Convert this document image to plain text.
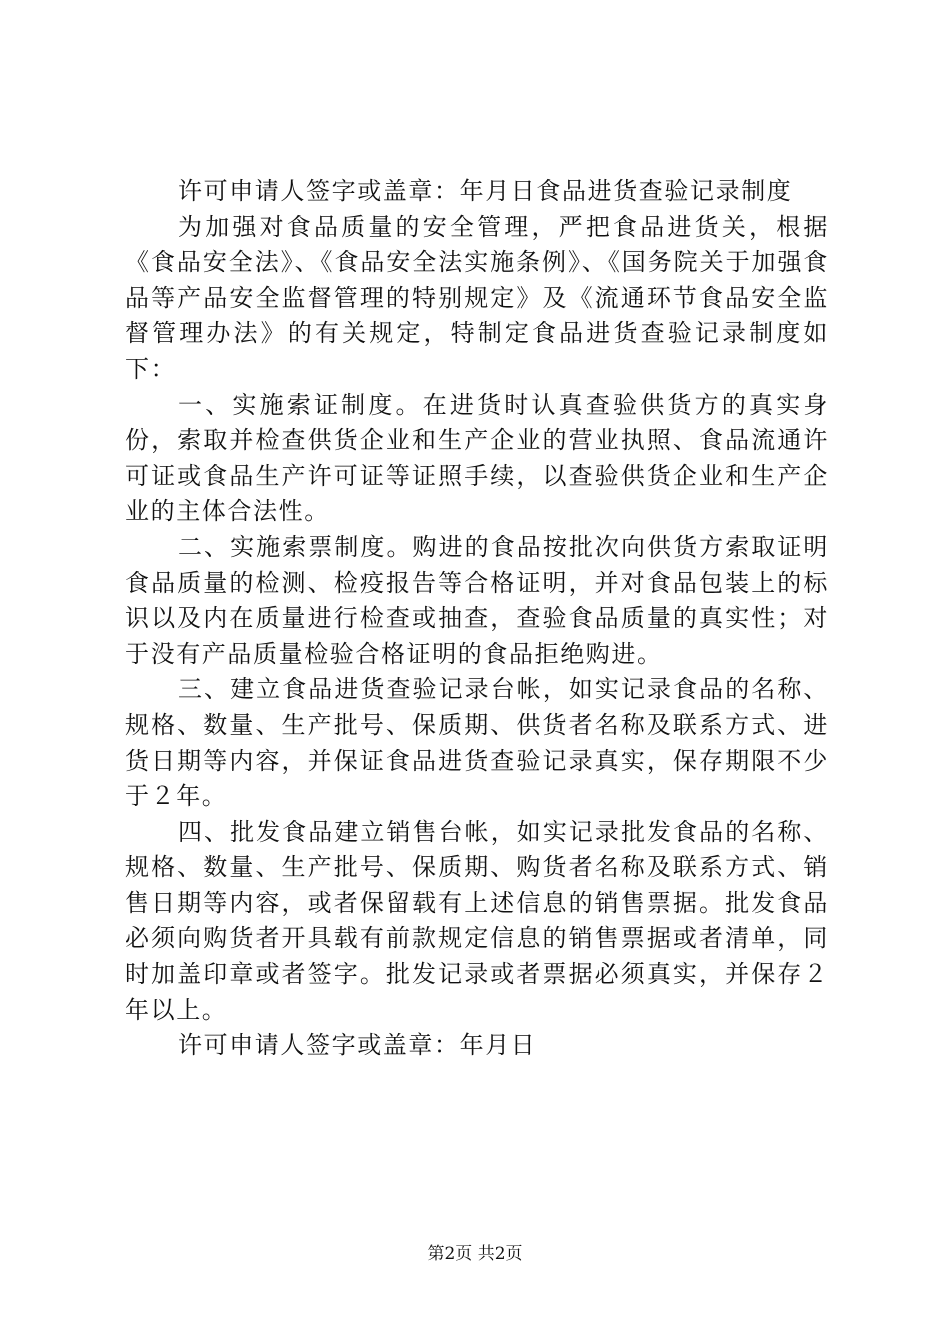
许可申请人签字或盖章：年月日食品进货查验记录制度

为加强对食品质量的安全管理，严把食品进货关，根据《食品安全法》、《食品安全法实施条例》、《国务院关于加强食品等产品安全监督管理的特别规定》及《流通环节食品安全监督管理办法》的有关规定，特制定食品进货查验记录制度如下：

一、实施索证制度。在进货时认真查验供货方的真实身份，索取并检查供货企业和生产企业的营业执照、食品流通许可证或食品生产许可证等证照手续，以查验供货企业和生产企业的主体合法性。

二、实施索票制度。购进的食品按批次向供货方索取证明食品质量的检测、检疫报告等合格证明，并对食品包装上的标识以及内在质量进行检查或抽查，查验食品质量的真实性；对于没有产品质量检验合格证明的食品拒绝购进。

三、建立食品进货查验记录台帐，如实记录食品的名称、规格、数量、生产批号、保质期、供货者名称及联系方式、进货日期等内容，并保证食品进货查验记录真实，保存期限不少于２年。

四、批发食品建立销售台帐，如实记录批发食品的名称、规格、数量、生产批号、保质期、购货者名称及联系方式、销售日期等内容，或者保留载有上述信息的销售票据。批发食品必须向购货者开具载有前款规定信息的销售票据或者清单，同时加盖印章或者签字。批发记录或者票据必须真实，并保存２年以上。

许可申请人签字或盖章：年月日

第2页 共2页
